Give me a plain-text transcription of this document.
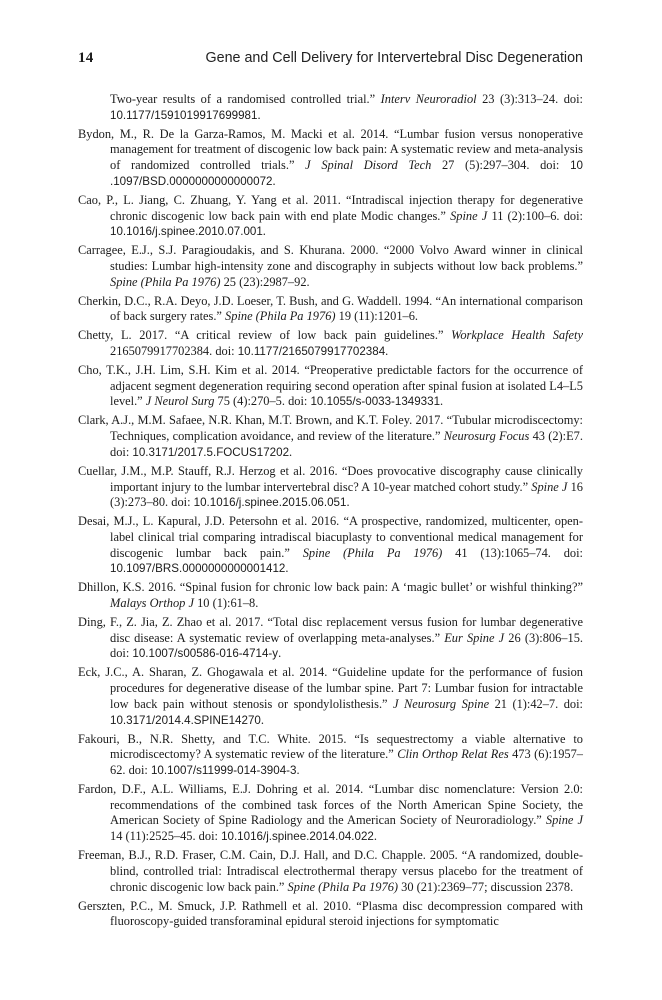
14	Gene and Cell Delivery for Intervertebral Disc Degeneration

Two-year results of a randomised controlled trial.” Interv Neuroradiol 23 (3):313–24. doi: 10.1177/1591019917699981.

Bydon, M., R. De la Garza-Ramos, M. Macki et al. 2014. “Lumbar fusion versus nonoperative management for treatment of discogenic low back pain: A systematic review and meta-analysis of randomized controlled trials.” J Spinal Disord Tech 27 (5):297–304. doi: 10 .1097/BSD.0000000000000072.

Cao, P., L. Jiang, C. Zhuang, Y. Yang et al. 2011. “Intradiscal injection therapy for degenerative chronic discogenic low back pain with end plate Modic changes.” Spine J 11 (2):100–6. doi: 10.1016/j.spinee.2010.07.001.

Carragee, E.J., S.J. Paragioudakis, and S. Khurana. 2000. “2000 Volvo Award winner in clinical studies: Lumbar high-intensity zone and discography in subjects without low back problems.” Spine (Phila Pa 1976) 25 (23):2987–92.

Cherkin, D.C., R.A. Deyo, J.D. Loeser, T. Bush, and G. Waddell. 1994. “An international comparison of back surgery rates.” Spine (Phila Pa 1976) 19 (11):1201–6.

Chetty, L. 2017. “A critical review of low back pain guidelines.” Workplace Health Safety 2165079917702384. doi: 10.1177/2165079917702384.

Cho, T.K., J.H. Lim, S.H. Kim et al. 2014. “Preoperative predictable factors for the occurrence of adjacent segment degeneration requiring second operation after spinal fusion at isolated L4–L5 level.” J Neurol Surg 75 (4):270–5. doi: 10.1055/s-0033-1349331.

Clark, A.J., M.M. Safaee, N.R. Khan, M.T. Brown, and K.T. Foley. 2017. “Tubular microdiscectomy: Techniques, complication avoidance, and review of the literature.” Neurosurg Focus 43 (2):E7. doi: 10.3171/2017.5.FOCUS17202.

Cuellar, J.M., M.P. Stauff, R.J. Herzog et al. 2016. “Does provocative discography cause clinically important injury to the lumbar intervertebral disc? A 10-year matched cohort study.” Spine J 16 (3):273–80. doi: 10.1016/j.spinee.2015.06.051.

Desai, M.J., L. Kapural, J.D. Petersohn et al. 2016. “A prospective, randomized, multicenter, open-label clinical trial comparing intradiscal biacuplasty to conventional medical management for discogenic lumbar back pain.” Spine (Phila Pa 1976) 41 (13):1065–74. doi: 10.1097/BRS.0000000000001412.

Dhillon, K.S. 2016. “Spinal fusion for chronic low back pain: A ‘magic bullet’ or wishful thinking?” Malays Orthop J 10 (1):61–8.

Ding, F., Z. Jia, Z. Zhao et al. 2017. “Total disc replacement versus fusion for lumbar degenerative disc disease: A systematic review of overlapping meta-analyses.” Eur Spine J 26 (3):806–15. doi: 10.1007/s00586-016-4714-y.

Eck, J.C., A. Sharan, Z. Ghogawala et al. 2014. “Guideline update for the performance of fusion procedures for degenerative disease of the lumbar spine. Part 7: Lumbar fusion for intractable low back pain without stenosis or spondylolisthesis.” J Neurosurg Spine 21 (1):42–7. doi: 10.3171/2014.4.SPINE14270.

Fakouri, B., N.R. Shetty, and T.C. White. 2015. “Is sequestrectomy a viable alternative to microdiscectomy? A systematic review of the literature.” Clin Orthop Relat Res 473 (6):1957–62. doi: 10.1007/s11999-014-3904-3.

Fardon, D.F., A.L. Williams, E.J. Dohring et al. 2014. “Lumbar disc nomenclature: Version 2.0: recommendations of the combined task forces of the North American Spine Society, the American Society of Spine Radiology and the American Society of Neuroradiology.” Spine J 14 (11):2525–45. doi: 10.1016/j.spinee.2014.04.022.

Freeman, B.J., R.D. Fraser, C.M. Cain, D.J. Hall, and D.C. Chapple. 2005. “A randomized, double-blind, controlled trial: Intradiscal electrothermal therapy versus placebo for the treatment of chronic discogenic low back pain.” Spine (Phila Pa 1976) 30 (21):2369–77; discussion 2378.

Gerszten, P.C., M. Smuck, J.P. Rathmell et al. 2010. “Plasma disc decompression compared with fluoroscopy-guided transforaminal epidural steroid injections for symptomatic
